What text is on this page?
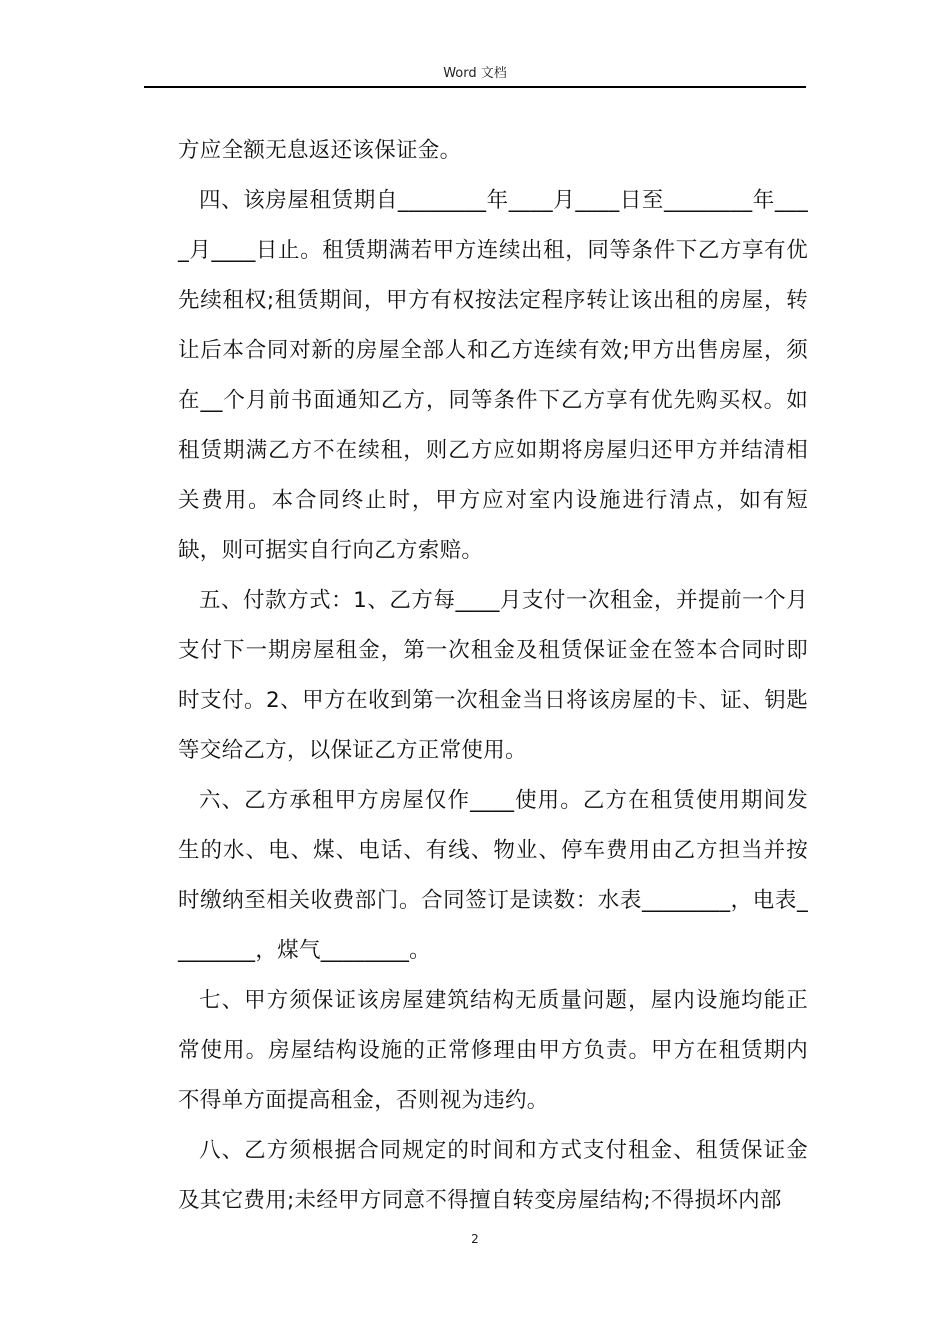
Word 文档

方应全额无息返还该保证金。

四、该房屋租赁期自________年____月____日至________年____月____日止。租赁期满若甲方连续出租，同等条件下乙方享有优先续租权;租赁期间，甲方有权按法定程序转让该出租的房屋，转让后本合同对新的房屋全部人和乙方连续有效;甲方出售房屋，须在__个月前书面通知乙方，同等条件下乙方享有优先购买权。如租赁期满乙方不在续租，则乙方应如期将房屋归还甲方并结清相关费用。本合同终止时，甲方应对室内设施进行清点，如有短缺，则可据实自行向乙方索赔。

五、付款方式：1、乙方每____月支付一次租金，并提前一个月支付下一期房屋租金，第一次租金及租赁保证金在签本合同时即时支付。2、甲方在收到第一次租金当日将该房屋的卡、证、钥匙等交给乙方，以保证乙方正常使用。

六、乙方承租甲方房屋仅作____使用。乙方在租赁使用期间发生的水、电、煤、电话、有线、物业、停车费用由乙方担当并按时缴纳至相关收费部门。合同签订是读数：水表________，电表________，煤气________。

七、甲方须保证该房屋建筑结构无质量问题，屋内设施均能正常使用。房屋结构设施的正常修理由甲方负责。甲方在租赁期内不得单方面提高租金，否则视为违约。

八、乙方须根据合同规定的时间和方式支付租金、租赁保证金及其它费用;未经甲方同意不得擅自转变房屋结构;不得损坏内部

2
